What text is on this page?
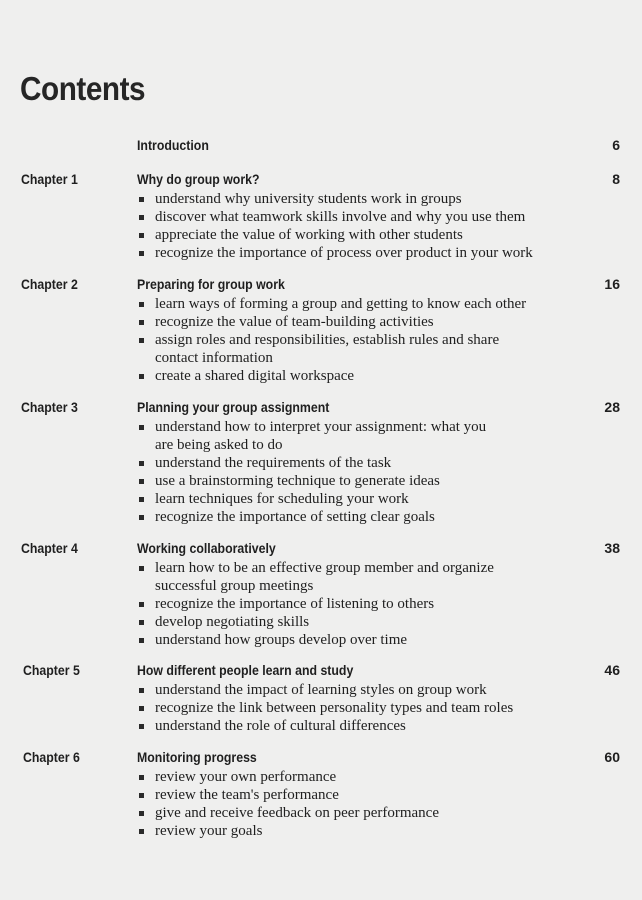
Contents
Introduction	6
Chapter 1	Why do group work?	8
understand why university students work in groups
discover what teamwork skills involve and why you use them
appreciate the value of working with other students
recognize the importance of process over product in your work
Chapter 2	Preparing for group work	16
learn ways of forming a group and getting to know each other
recognize the value of team-building activities
assign roles and responsibilities, establish rules and share contact information
create a shared digital workspace
Chapter 3	Planning your group assignment	28
understand how to interpret your assignment: what you are being asked to do
understand the requirements of the task
use a brainstorming technique to generate ideas
learn techniques for scheduling your work
recognize the importance of setting clear goals
Chapter 4	Working collaboratively	38
learn how to be an effective group member and organize successful group meetings
recognize the importance of listening to others
develop negotiating skills
understand how groups develop over time
Chapter 5	How different people learn and study	46
understand the impact of learning styles on group work
recognize the link between personality types and team roles
understand the role of cultural differences
Chapter 6	Monitoring progress	60
review your own performance
review the team's performance
give and receive feedback on peer performance
review your goals
